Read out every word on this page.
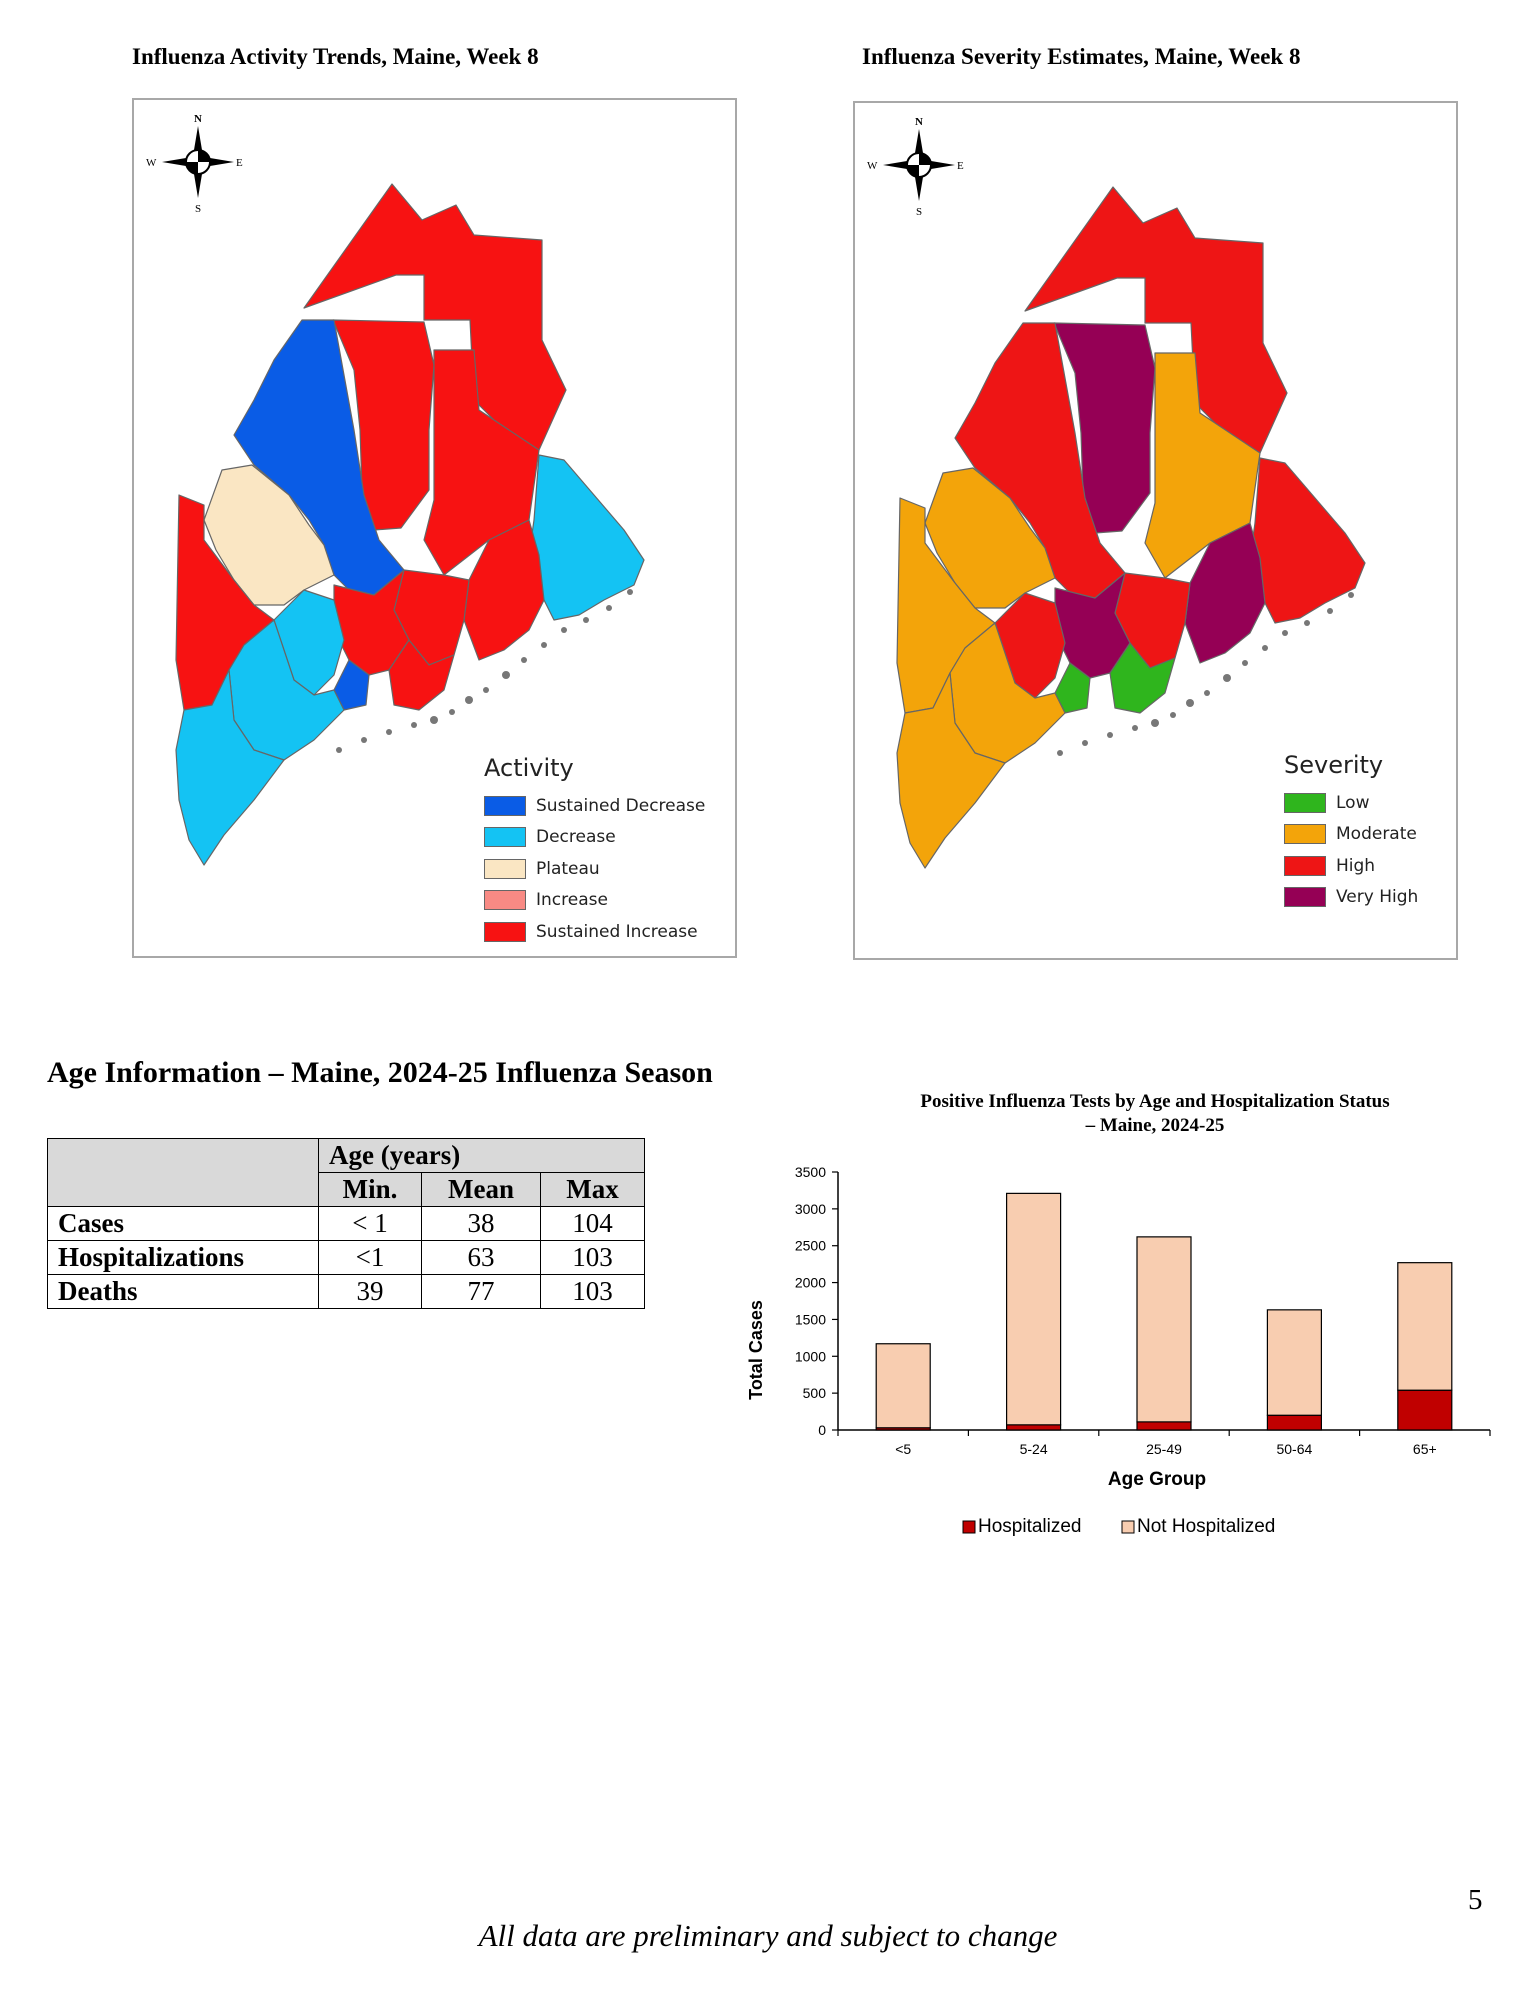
Influenza Activity Trends, Maine, Week 8
N
S
W	E
Activity
Sustained Decrease
Decrease
Plateau
Increase
Sustained Increase
Influenza Severity Estimates, Maine, Week 8
N
S
W	E
Severity
Low
Moderate
High
Very High
Age Information – Maine, 2024-25 Influenza Season
	Age (years)		
	Min.	Mean	Max
Cases	< 1	38	104
Hospitalizations	<1	63	103
Deaths	39	77	103
Positive Influenza Tests by Age and Hospitalization Status
– Maine, 2024-25
Total Cases
Age Group
0
500
1000
1500
2000
2500
3000
3500
<5	5-24	25-49	50-64	65+
Hospitalized	Not Hospitalized
5
All data are preliminary and subject to change
